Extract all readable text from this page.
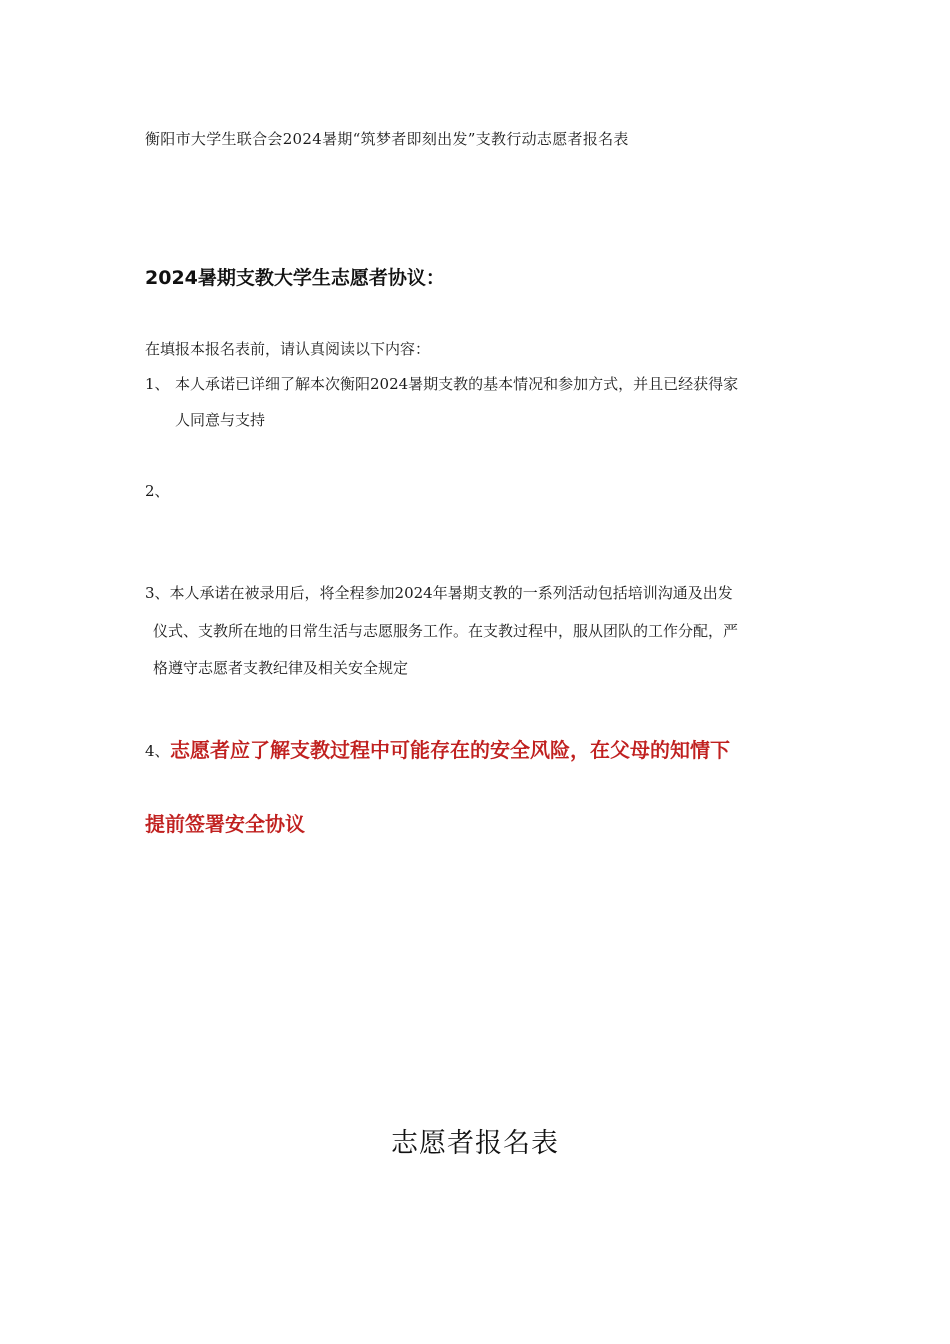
衡阳市大学生联合会2024暑期“筑梦者即刻出发”支教行动志愿者报名表
2024暑期支教大学生志愿者协议：
在填报本报名表前，请认真阅读以下内容：
1、 本人承诺已详细了解本次衡阳2024暑期支教的基本情况和参加方式，并且已经获得家
人同意与支持
2、
3、本人承诺在被录用后，将全程参加2024年暑期支教的一系列活动包括培训沟通及出发
仪式、支教所在地的日常生活与志愿服务工作。在支教过程中，服从团队的工作分配，严
格遵守志愿者支教纪律及相关安全规定
4、 志愿者应了解支教过程中可能存在的安全风险，在父母的知情下
提前签署安全协议
志愿者报名表
